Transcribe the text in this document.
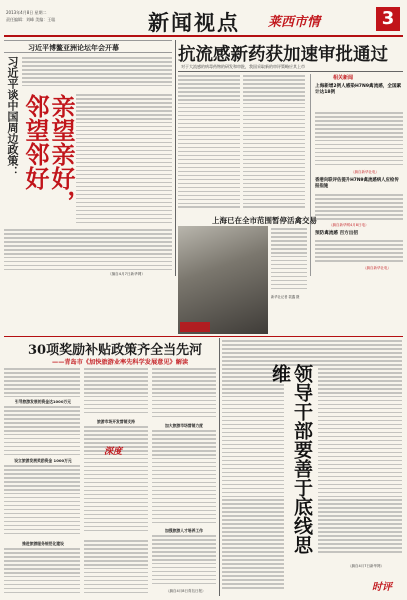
2013年4月8日 星期二
责任编辑：刘峰 美编：王聪	新闻视点 莱西市情	3
习近平博鳌亚洲论坛年会开幕
习近平谈中国周边政策：	亲望亲好，邻望邻好
（摘自4月7日新华网）
抗流感新药获加速审批通过
对于大流感的病毒药物的研发和审批，我国采取新的审评策略应其上市
相关新闻
上海新增2例人感染H7N9禽流感，全国累计达18例
（摘自新华社电）
香港向联评估提升H7N9禽流感病人应检传报指施
（摘自新华网4月8日电）
预防禽流感 百方出招
（摘自新华社电）
上海已在全市范围暂停活禽交易
新华社记者 裴鑫 摄
30项奖励补贴政策齐全当先河
——青岛市《加快旅游业率先科学发展意见》解读
引导旅游发展的资金达1000万元
设立旅游发展奖励资金 1000万元
推进旅游服务规范化建设
旅游市场开发营销支持
深度
加大旅游市场营销力度
加强旅游人才培养工作
（摘自4月8日青岛日报）
领导干部要善于底线思维
（摘自4月7日新华网）
时评
